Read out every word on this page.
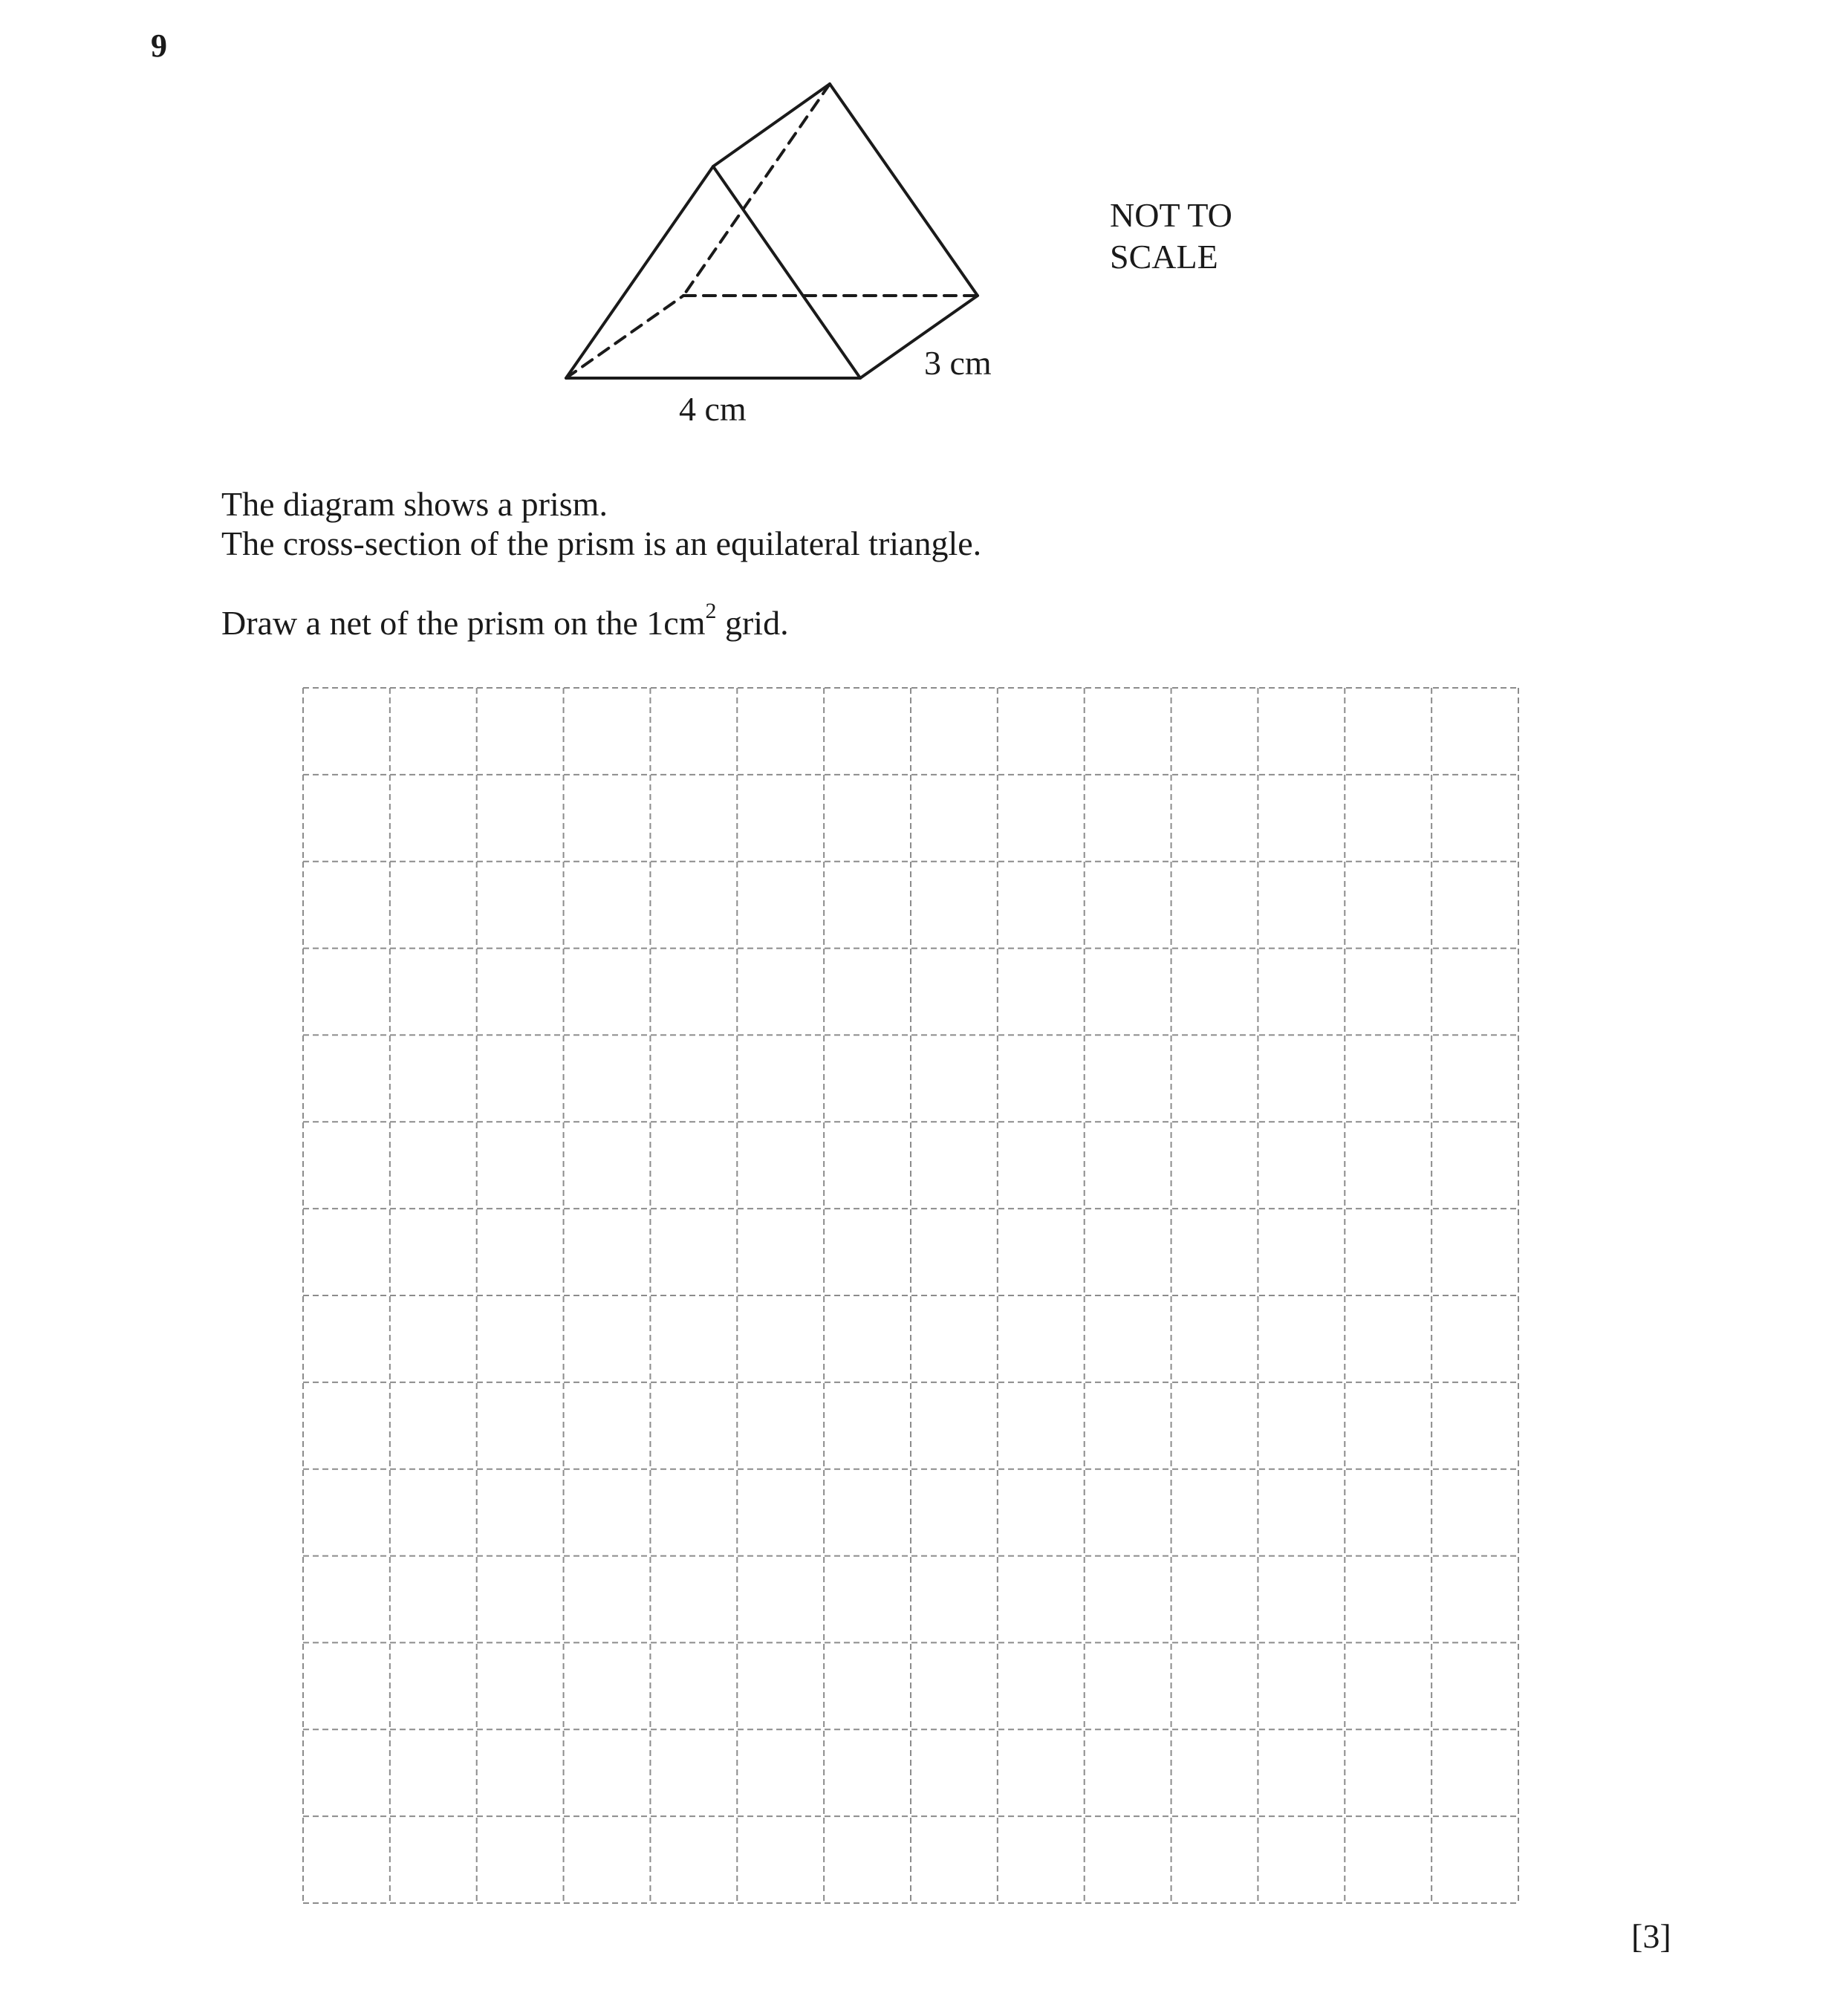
9
NOT TO
SCALE
3 cm
4 cm
The diagram shows a prism.
The cross-section of the prism is an equilateral triangle.
Draw a net of the prism on the $1cm^2$ grid.
[3]
